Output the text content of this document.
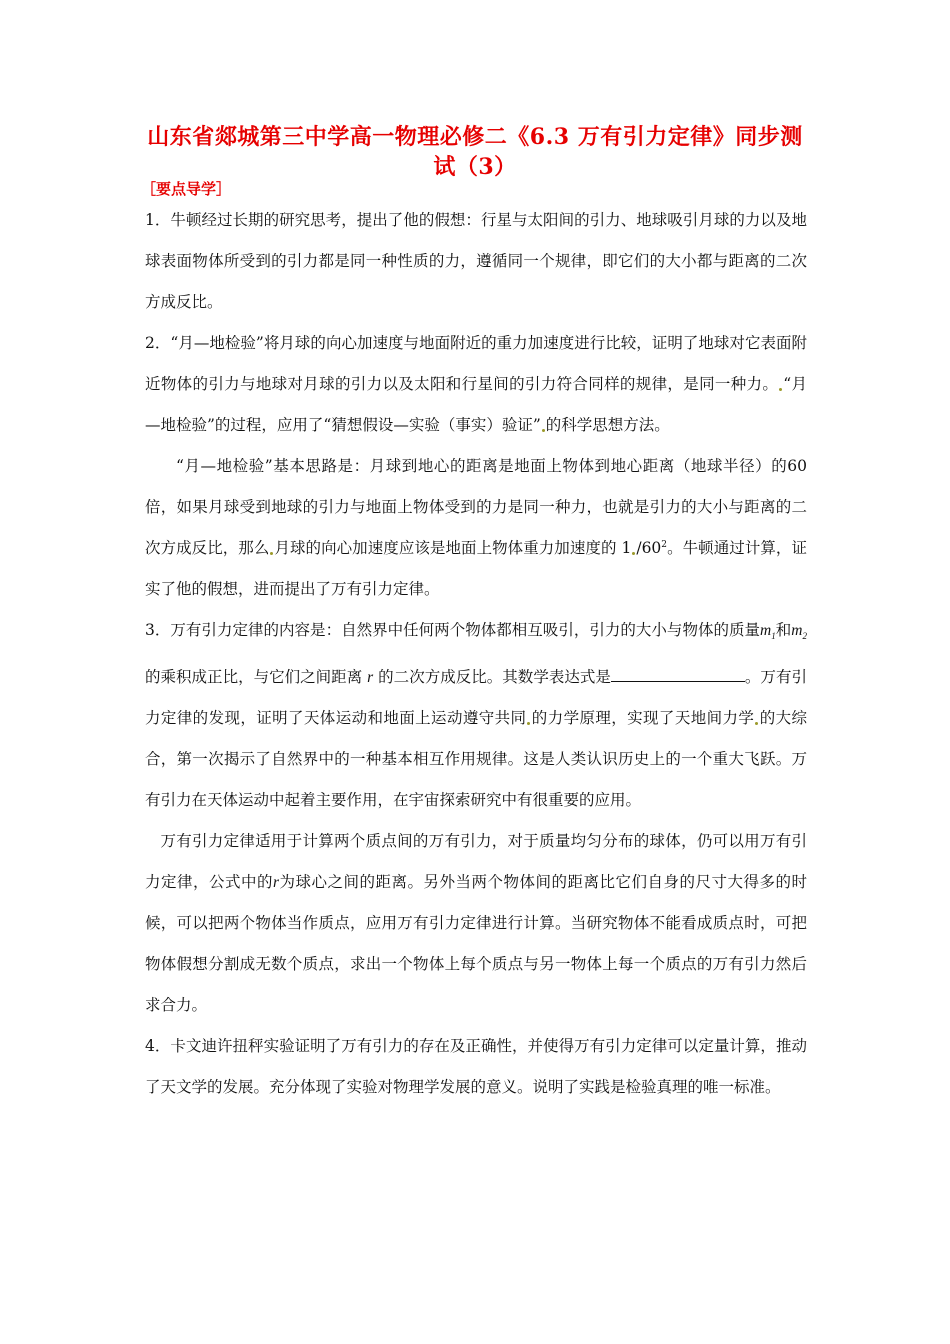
山东省郯城第三中学高一物理必修二《6.3 万有引力定律》同步测试（3）
［要点导学］

1．牛顿经过长期的研究思考，提出了他的假想：行星与太阳间的引力、地球吸引月球的力以及地球表面物体所受到的引力都是同一种性质的力，遵循同一个规律，即它们的大小都与距离的二次方成反比。

2．“月—地检验”将月球的向心加速度与地面附近的重力加速度进行比较，证明了地球对它表面附近物体的引力与地球对月球的引力以及太阳和行星间的引力符合同样的规律，是同一种力。 “月—地检验”的过程，应用了“猜想假设—实验（事实）验证” 的科学思想方法。

“月—地检验”基本思路是：月球到地心的距离是地面上物体到地心距离（地球半径）的60倍，如果月球受到地球的引力与地面上物体受到的力是同一种力，也就是引力的大小与距离的二次方成反比，那么 月球的向心加速度应该是地面上物体重力加速度的 1 $/60^2$。牛顿通过计算，证实了他的假想，进而提出了万有引力定律。

3．万有引力定律的内容是：自然界中任何两个物体都相互吸引，引力的大小与物体的质量$m_1$和$m_2$的乘积成正比，与它们之间距离 r 的二次方成反比。其数学表达式是	。万有引力定律的发现，证明了天体运动和地面上运动遵守共同 的力学原理，实现了天地间力学 的大综合，第一次揭示了自然界中的一种基本相互作用规律。这是人类认识历史上的一个重大飞跃。万有引力在天体运动中起着主要作用，在宇宙探索研究中有很重要的应用。

万有引力定律适用于计算两个质点间的万有引力，对于质量均匀分布的球体，仍可以用万有引力定律，公式中的r为球心之间的距离。另外当两个物体间的距离比它们自身的尺寸大得多的时候，可以把两个物体当作质点，应用万有引力定律进行计算。当研究物体不能看成质点时，可把物体假想分割成无数个质点，求出一个物体上每个质点与另一物体上每一个质点的万有引力然后求合力。

4．卡文迪许扭秤实验证明了万有引力的存在及正确性，并使得万有引力定律可以定量计算，推动了天文学的发展。充分体现了实验对物理学发展的意义。说明了实践是检验真理的唯一标准。
